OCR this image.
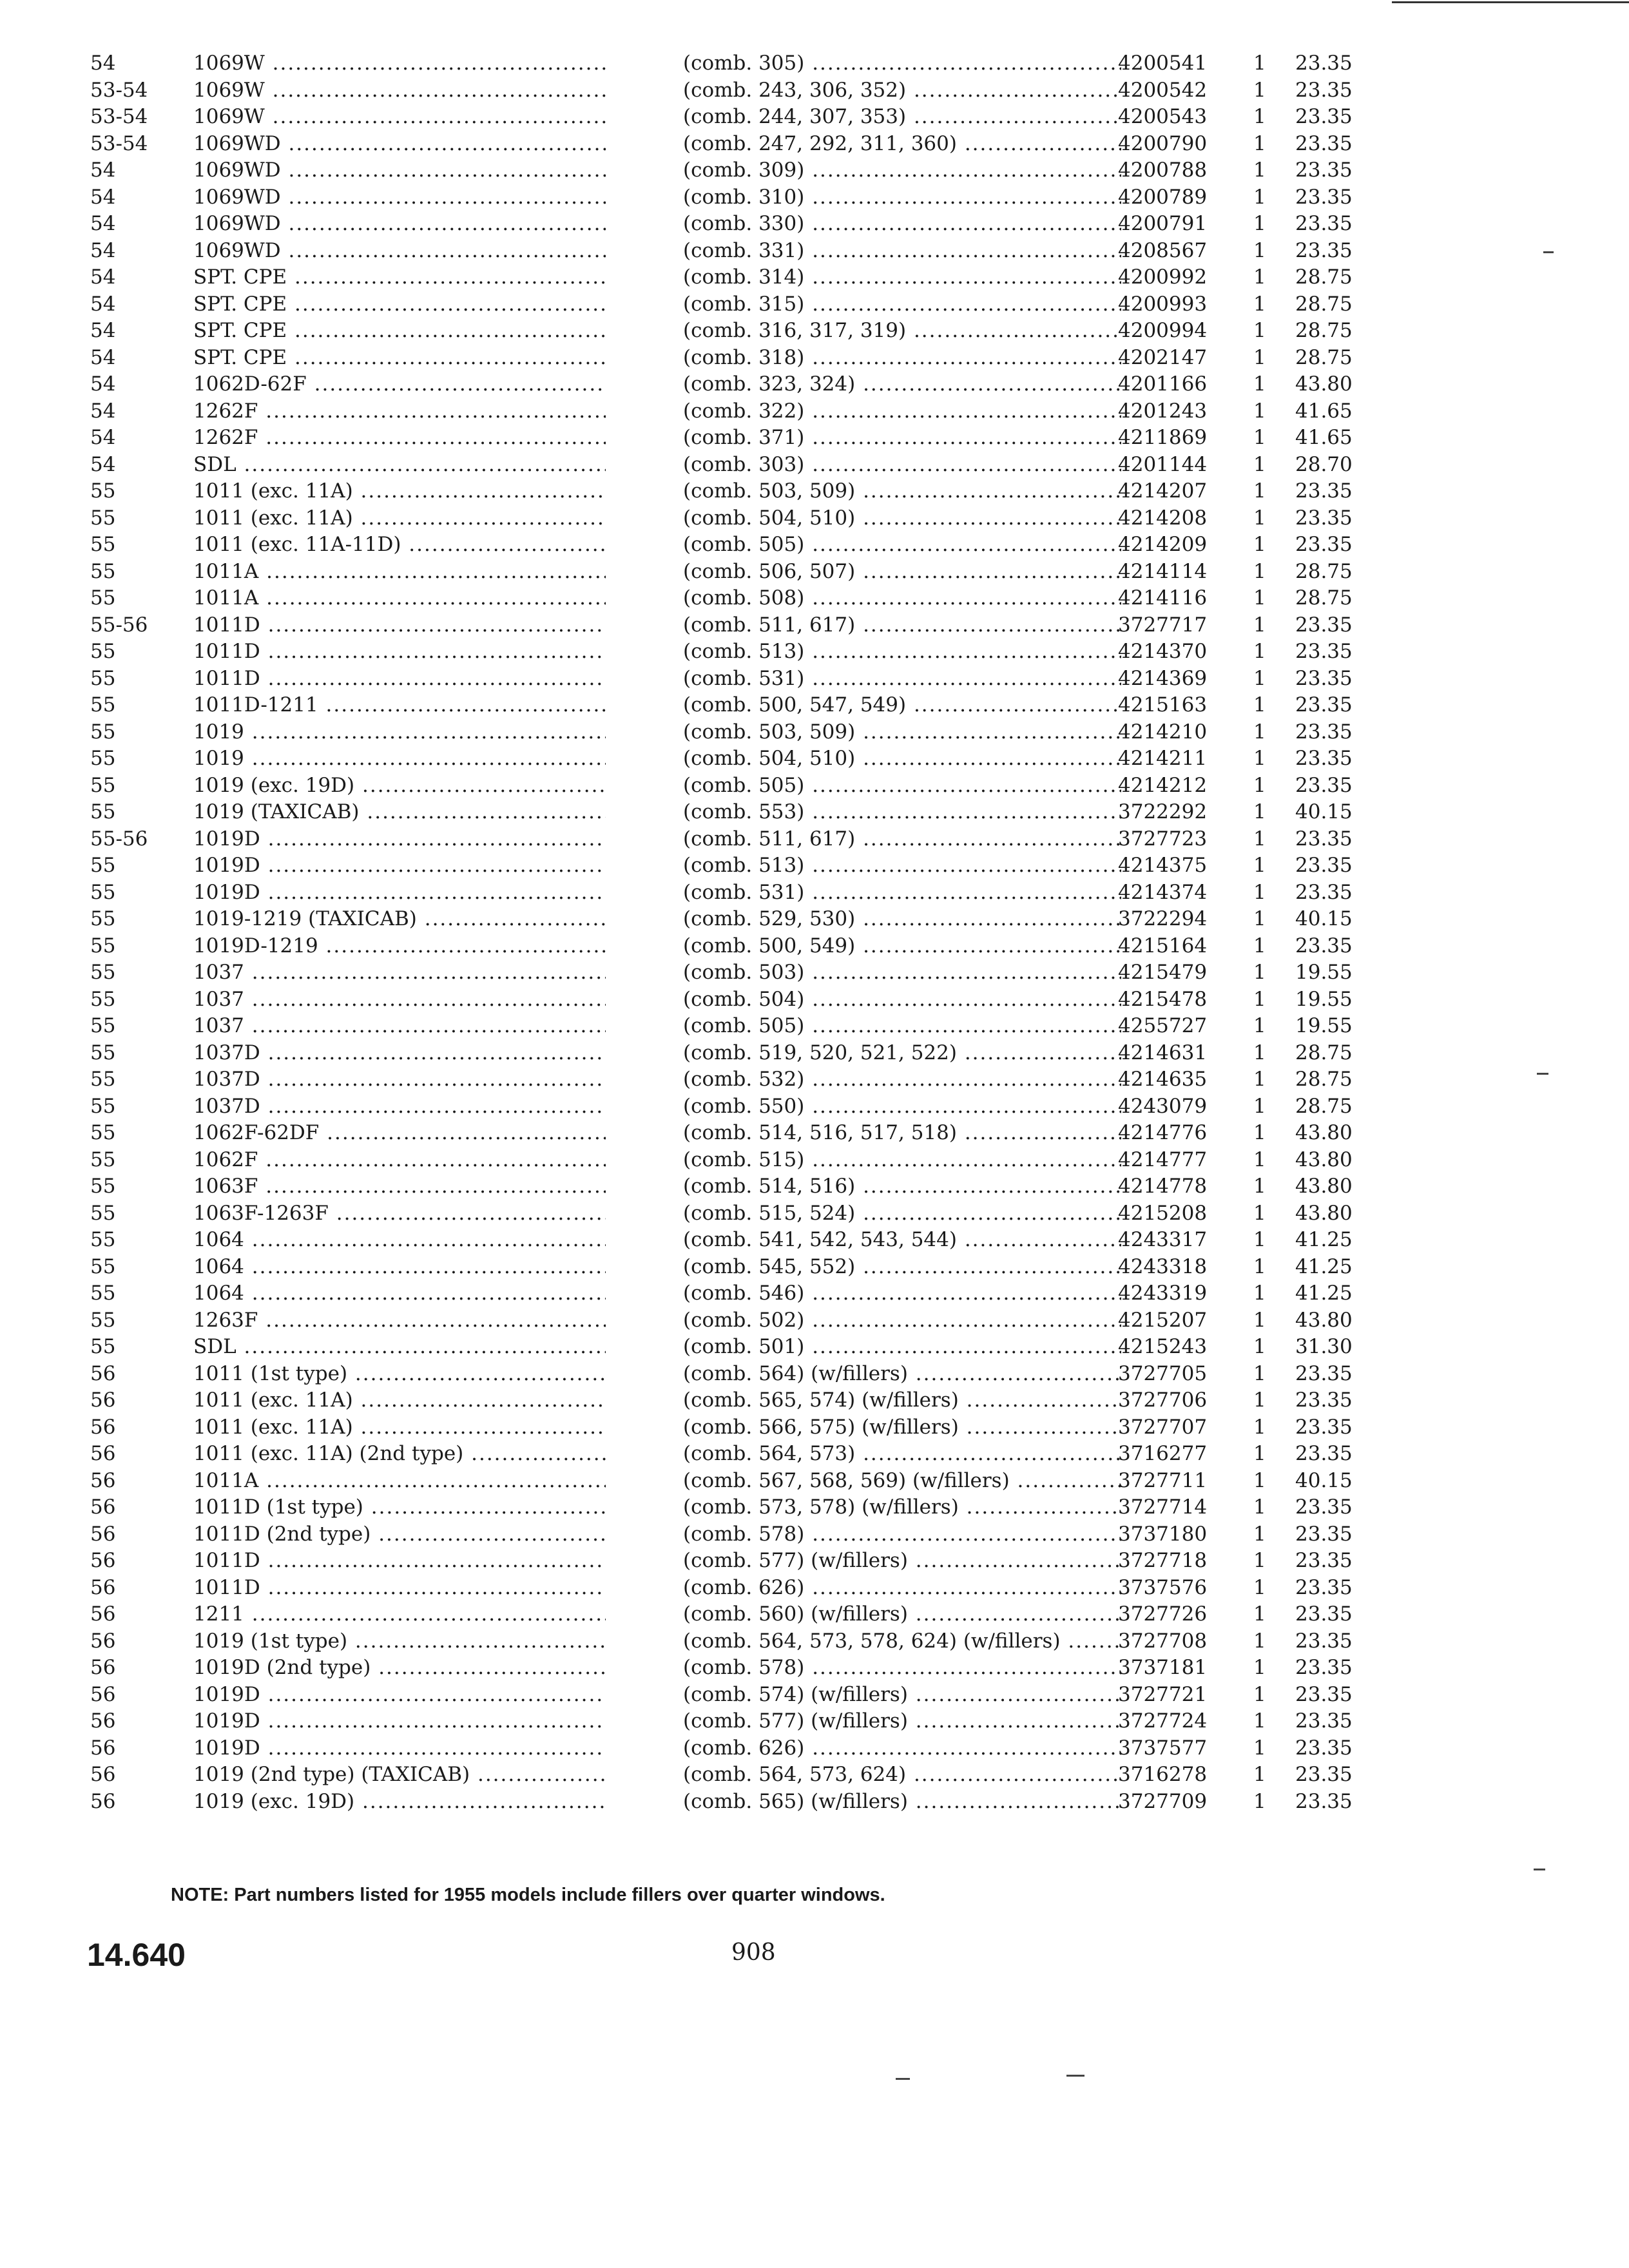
54	1069W .....	(comb. 305) .....	4200541	1	23.35
53-54	1069W .....	(comb. 243, 306, 352) .....	4200542	1	23.35
53-54	1069W .....	(comb. 244, 307, 353) .....	4200543	1	23.35
53-54	1069WD .....	(comb. 247, 292, 311, 360) .....	4200790	1	23.35
54	1069WD .....	(comb. 309) .....	4200788	1	23.35
54	1069WD .....	(comb. 310) .....	4200789	1	23.35
54	1069WD .....	(comb. 330) .....	4200791	1	23.35
54	1069WD .....	(comb. 331) .....	4208567	1	23.35
54	SPT. CPE .....	(comb. 314) .....	4200992	1	28.75
54	SPT. CPE .....	(comb. 315) .....	4200993	1	28.75
54	SPT. CPE .....	(comb. 316, 317, 319) .....	4200994	1	28.75
54	SPT. CPE .....	(comb. 318) .....	4202147	1	28.75
54	1062D-62F .....	(comb. 323, 324) .....	4201166	1	43.80
54	1262F .....	(comb. 322) .....	4201243	1	41.65
54	1262F .....	(comb. 371) .....	4211869	1	41.65
54	SDL .....	(comb. 303) .....	4201144	1	28.70
55	1011 (exc. 11A) .....	(comb. 503, 509) .....	4214207	1	23.35
55	1011 (exc. 11A) .....	(comb. 504, 510) .....	4214208	1	23.35
55	1011 (exc. 11A-11D) .....	(comb. 505) .....	4214209	1	23.35
55	1011A .....	(comb. 506, 507) .....	4214114	1	28.75
55	1011A .....	(comb. 508) .....	4214116	1	28.75
55-56	1011D .....	(comb. 511, 617) .....	3727717	1	23.35
55	1011D .....	(comb. 513) .....	4214370	1	23.35
55	1011D .....	(comb. 531) .....	4214369	1	23.35
55	1011D-1211 .....	(comb. 500, 547, 549) .....	4215163	1	23.35
55	1019 .....	(comb. 503, 509) .....	4214210	1	23.35
55	1019 .....	(comb. 504, 510) .....	4214211	1	23.35
55	1019 (exc. 19D) .....	(comb. 505) .....	4214212	1	23.35
55	1019 (TAXICAB) .....	(comb. 553) .....	3722292	1	40.15
55-56	1019D .....	(comb. 511, 617) .....	3727723	1	23.35
55	1019D .....	(comb. 513) .....	4214375	1	23.35
55	1019D .....	(comb. 531) .....	4214374	1	23.35
55	1019-1219 (TAXICAB) .....	(comb. 529, 530) .....	3722294	1	40.15
55	1019D-1219 .....	(comb. 500, 549) .....	4215164	1	23.35
55	1037 .....	(comb. 503) .....	4215479	1	19.55
55	1037 .....	(comb. 504) .....	4215478	1	19.55
55	1037 .....	(comb. 505) .....	4255727	1	19.55
55	1037D .....	(comb. 519, 520, 521, 522) .....	4214631	1	28.75
55	1037D .....	(comb. 532) .....	4214635	1	28.75
55	1037D .....	(comb. 550) .....	4243079	1	28.75
55	1062F-62DF .....	(comb. 514, 516, 517, 518) .....	4214776	1	43.80
55	1062F .....	(comb. 515) .....	4214777	1	43.80
55	1063F .....	(comb. 514, 516) .....	4214778	1	43.80
55	1063F-1263F .....	(comb. 515, 524) .....	4215208	1	43.80
55	1064 .....	(comb. 541, 542, 543, 544) .....	4243317	1	41.25
55	1064 .....	(comb. 545, 552) .....	4243318	1	41.25
55	1064 .....	(comb. 546) .....	4243319	1	41.25
55	1263F .....	(comb. 502) .....	4215207	1	43.80
55	SDL .....	(comb. 501) .....	4215243	1	31.30
56	1011 (1st type) .....	(comb. 564) (w/fillers) .....	3727705	1	23.35
56	1011 (exc. 11A) .....	(comb. 565, 574) (w/fillers) .....	3727706	1	23.35
56	1011 (exc. 11A) .....	(comb. 566, 575) (w/fillers) .....	3727707	1	23.35
56	1011 (exc. 11A) (2nd type) .....	(comb. 564, 573) .....	3716277	1	23.35
56	1011A .....	(comb. 567, 568, 569) (w/fillers) .....	3727711	1	40.15
56	1011D (1st type) .....	(comb. 573, 578) (w/fillers) .....	3727714	1	23.35
56	1011D (2nd type) .....	(comb. 578) .....	3737180	1	23.35
56	1011D .....	(comb. 577) (w/fillers) .....	3727718	1	23.35
56	1011D .....	(comb. 626) .....	3737576	1	23.35
56	1211 .....	(comb. 560) (w/fillers) .....	3727726	1	23.35
56	1019 (1st type) .....	(comb. 564, 573, 578, 624) (w/fillers) .....	3727708	1	23.35
56	1019D (2nd type) .....	(comb. 578) .....	3737181	1	23.35
56	1019D .....	(comb. 574) (w/fillers) .....	3727721	1	23.35
56	1019D .....	(comb. 577) (w/fillers) .....	3727724	1	23.35
56	1019D .....	(comb. 626) .....	3737577	1	23.35
56	1019 (2nd type) (TAXICAB) .....	(comb. 564, 573, 624) .....	3716278	1	23.35
56	1019 (exc. 19D) .....	(comb. 565) (w/fillers) .....	3727709	1	23.35
NOTE: Part numbers listed for 1955 models include fillers over quarter windows.
14.640	908
